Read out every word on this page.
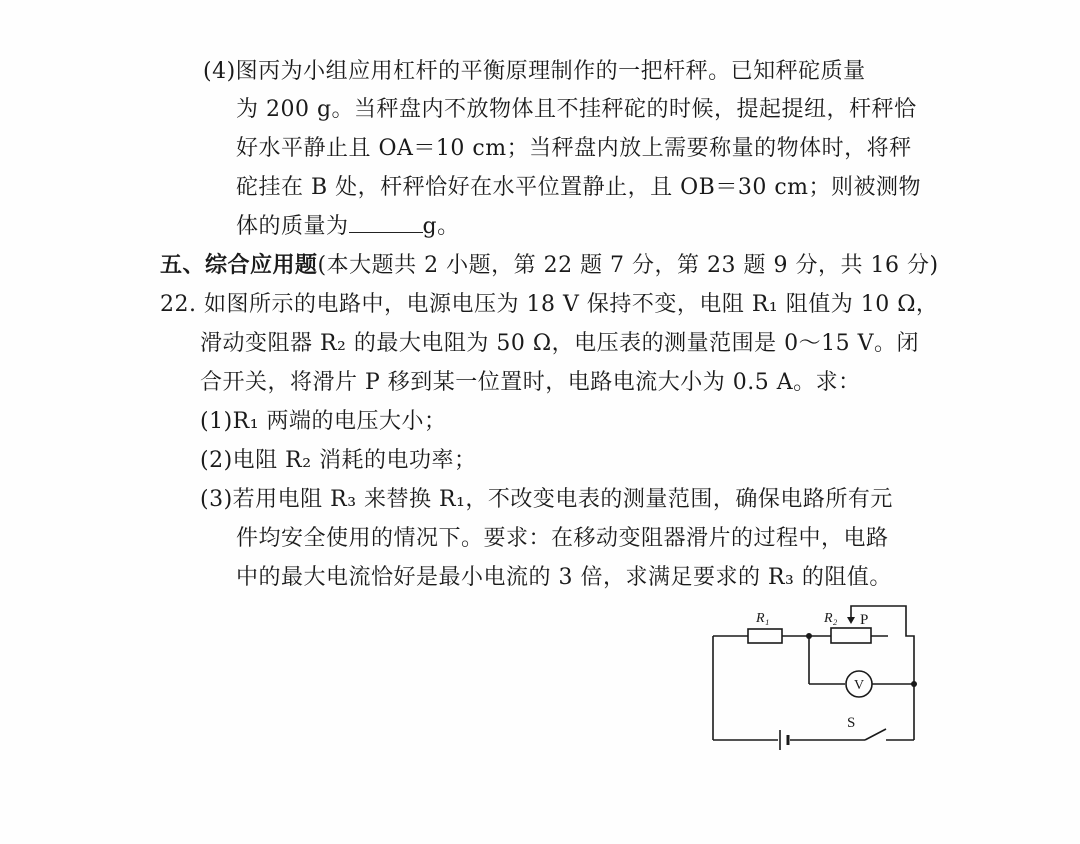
(4)图丙为小组应用杠杆的平衡原理制作的一把杆秤。已知秤砣质量
为 200 g。当秤盘内不放物体且不挂秤砣的时候，提起提纽，杆秤恰
好水平静止且 OA＝10 cm；当秤盘内放上需要称量的物体时，将秤
砣挂在 B 处，杆秤恰好在水平位置静止，且 OB＝30 cm；则被测物
体的质量为	g。
五、综合应用题(本大题共 2 小题，第 22 题 7 分，第 23 题 9 分，共 16 分)
22. 如图所示的电路中，电源电压为 18 V 保持不变，电阻 R₁ 阻值为 10 Ω，
滑动变阻器 R₂ 的最大电阻为 50 Ω，电压表的测量范围是 0～15 V。闭
合开关，将滑片 P 移到某一位置时，电路电流大小为 0.5 A。求：
(1)R₁ 两端的电压大小；
(2)电阻 R₂ 消耗的电功率；
(3)若用电阻 R₃ 来替换 R₁，不改变电表的测量范围，确保电路所有元
件均安全使用的情况下。要求：在移动变阻器滑片的过程中，电路
中的最大电流恰好是最小电流的 3 倍，求满足要求的 R₃ 的阻值。
R₁	R₂ P
V
S
